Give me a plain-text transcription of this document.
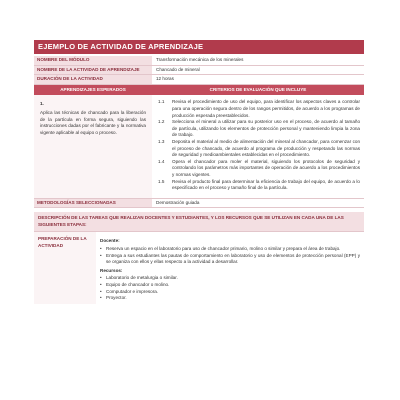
EJEMPLO DE ACTIVIDAD DE APRENDIZAJE
NOMBRE DEL MÓDULO	Transformación mecánica de los minerales
NOMBRE DE LA ACTIVIDAD DE APRENDIZAJE	Chancado de mineral
DURACIÓN DE LA ACTIVIDAD	12 horas
APRENDIZAJES ESPERADOS	CRITERIOS DE EVALUACIÓN QUE INCLUYE
1.
Aplica las técnicas de chancado para la liberación de la partícula en forma segura, siguiendo las instrucciones dadas por el fabricante y la normativa vigente aplicable al equipo o proceso.
1.1	Revisa el procedimiento de uso del equipo, para identificar los aspectos claves a controlar para una operación segura dentro de los rangos permitidos, de acuerdo a los programas de producción esperada preestablecidos.
1.2	Selecciona el mineral a utilizar para su posterior uso en el proceso, de acuerdo al tamaño de partícula, utilizando los elementos de protección personal y manteniendo limpia la zona de trabajo.
1.3	Deposita el material al medio de alimentación del mineral al chancador, para comenzar con el proceso de chancado, de acuerdo al programa de producción y respetando las normas de seguridad y medioambientales establecidas en el procedimiento.
1.4	Opera el chancador para moler el material, siguiendo los protocolos de seguridad y controlando los parámetros más importantes de operación de acuerdo a los procedimientos y normas vigentes.
1.5	Revisa el producto final para determinar la eficiencia de trabajo del equipo, de acuerdo a lo especificado en el proceso y tamaño final de la partícula.
METODOLOGÍAS SELECCIONADAS	Demostración guiada
DESCRIPCIÓN DE LAS TAREAS QUE REALIZAN DOCENTES Y ESTUDIANTES, Y LOS RECURSOS QUE SE UTILIZAN EN CADA UNA DE LAS SIGUIENTES ETAPAS:
PREPARACIÓN DE LA ACTIVIDAD
Docente:
• Reserva un espacio en el laboratorio para uso de chancador primario, molino o similar y prepara el área de trabajo.
• Entrega a sus estudiantes las pautas de comportamiento en laboratorio y uso de elementos de protección personal (EPP) y se organiza con ellos y ellas respecto a la actividad a desarrollar.
Recursos:
• Laboratorio de metalurgia o similar.
• Equipo de chancador o molino.
• Computador e impresora.
• Proyector.
